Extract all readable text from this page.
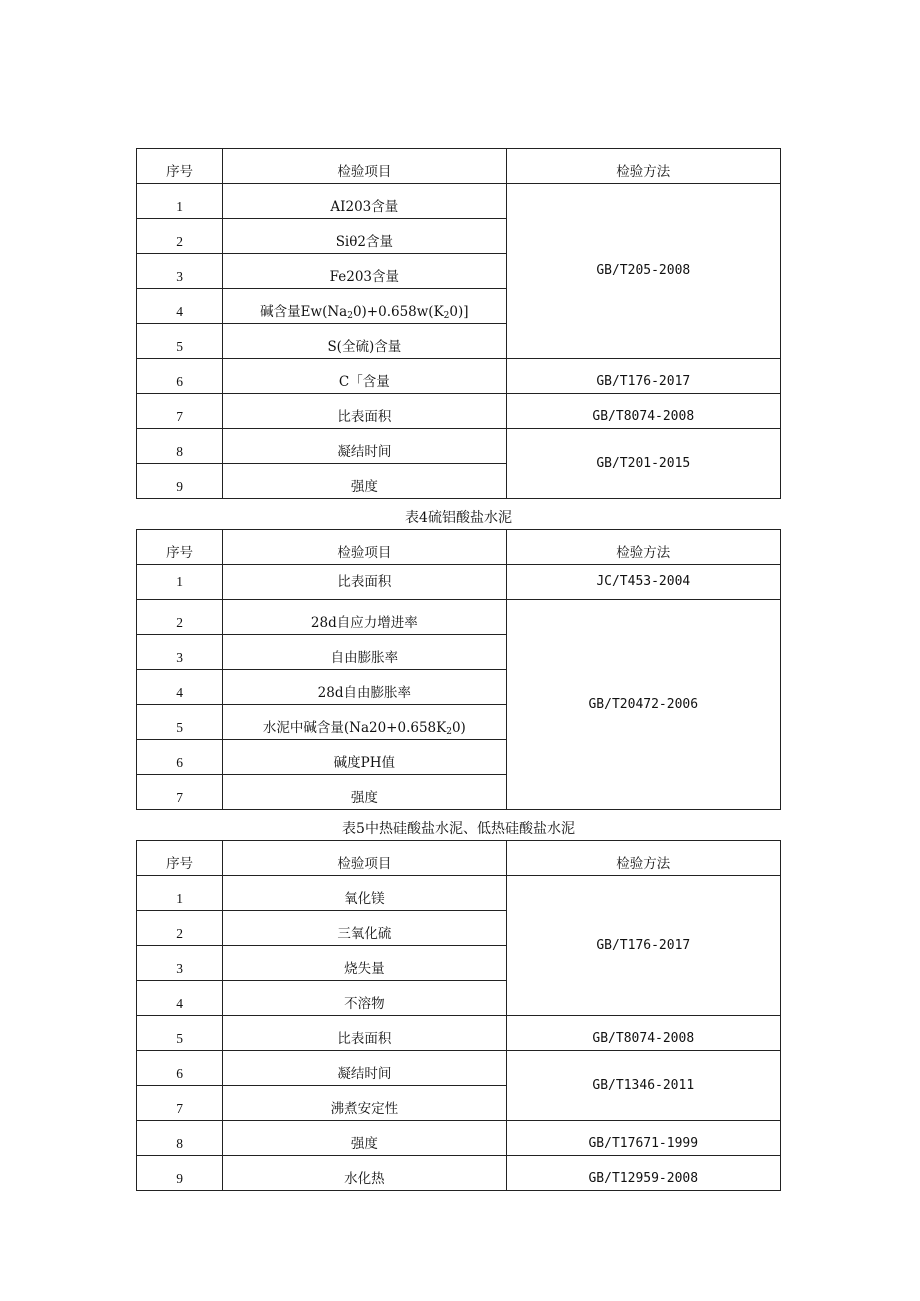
序号	检验项目	检验方法
1	AI203含量	GB/T205-2008
2	Siθ2含量	
3	Fe203含量	
4	碱含量$Ew(Na_20)+0.658w(K_20)$]	
5	S(全硫)含量	
6	C「含量	GB/T176-2017
7	比表面积	GB/T8074-2008
8	凝结时间	GB/T201-2015
9	强度	
表4硫铝酸盐水泥
序号	检验项目	检验方法
1	比表面积	JC/T453-2004
2	28d自应力增进率	GB/T20472-2006
3	自由膨胀率	
4	28d自由膨胀率	
5	水泥中碱含量$(Na20+0.658K_20)$	
6	碱度PH值	
7	强度	
表5中热硅酸盐水泥、低热硅酸盐水泥
序号	检验项目	检验方法
1	氧化镁	GB/T176-2017
2	三氧化硫	
3	烧失量	
4	不溶物	
5	比表面积	GB/T8074-2008
6	凝结时间	GB/T1346-2011
7	沸煮安定性	
8	强度	GB/T17671-1999
9	水化热	GB/T12959-2008
